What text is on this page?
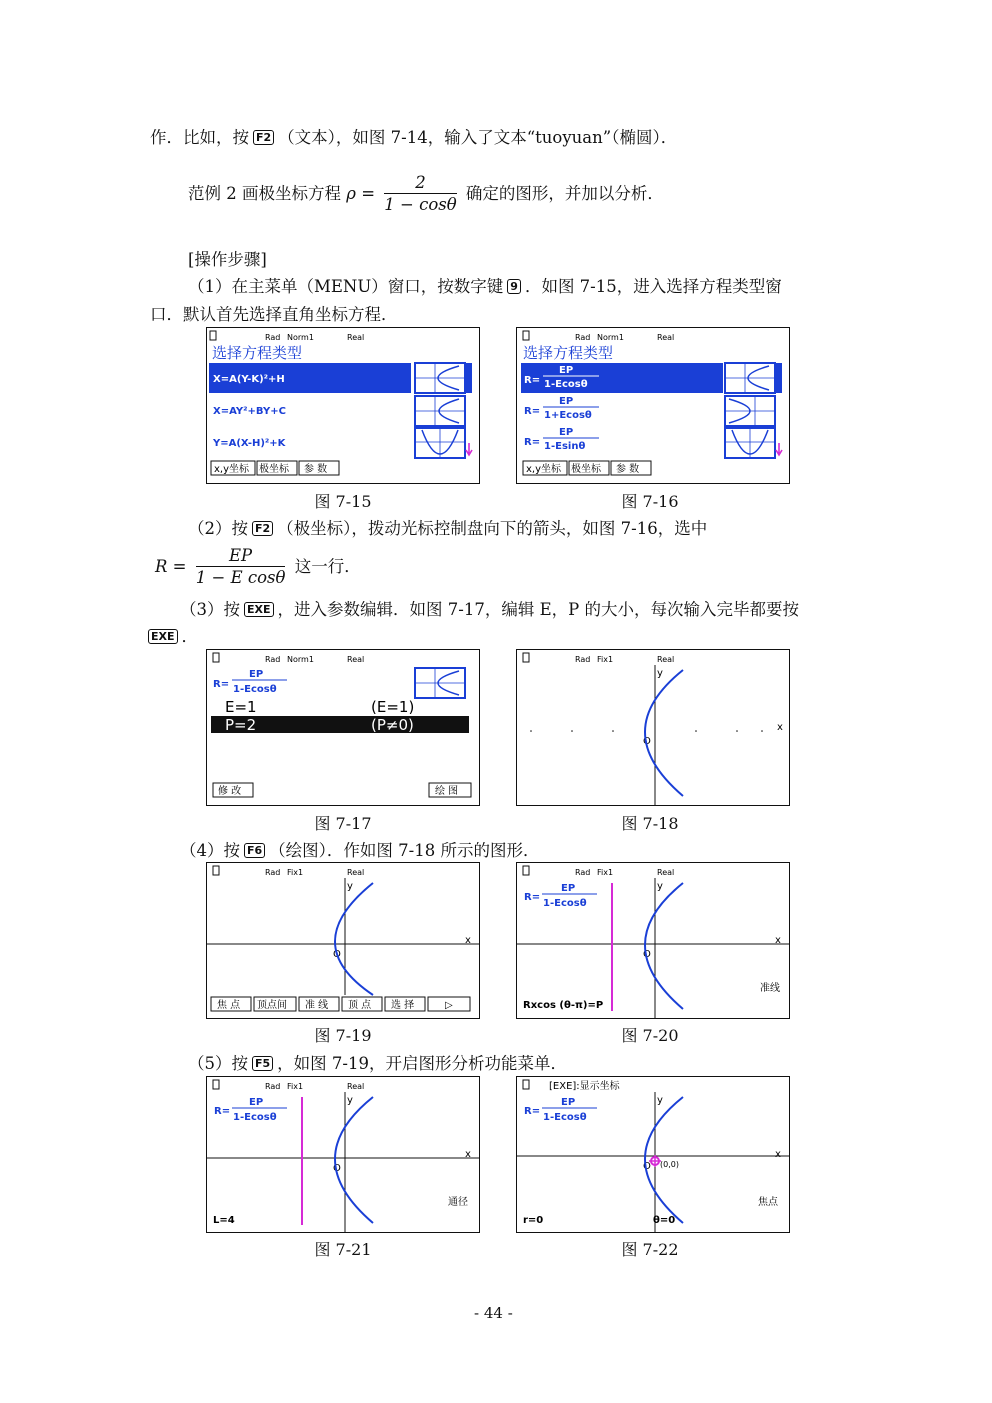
作．比如，按 F2 （文本），如图 7-14，输入了文本“tuoyuan”（椭圆）．
范例 2 画极坐标方程 $\rho = \frac{2}{1 - \cos\theta}$ 确定的图形，并加以分析．
[操作步骤]
（1）在主菜单（MENU）窗口，按数字键 9 ．如图 7-15，进入选择方程类型窗
口．默认首先选择直角坐标方程．
（2）按 F2 （极坐标），拨动光标控制盘向下的箭头，如图 7-16，选中
$R = \frac{EP}{\text{1 − E cosθ}}$ 这一行．
（3）按 EXE ，进入参数编辑．如图 7-17，编辑 E，P 的大小，每次输入完毕都要按
EXE ．
（4）按 F6 （绘图）．作如图 7-18 所示的图形．
（5）按 F5 ，如图 7-19，开启图形分析功能菜单．
图 7-15	图 7-16
图 7-17	图 7-18
图 7-19	图 7-20
图 7-21	图 7-22
Rad Norm1	Real
选择方程类型
X=A(Y-K)²+H
X=AY²+BY+C
Y=A(X-H)²+K
x,y坐标 极坐标 参 数
Rad Norm1	Real
选择方程类型
R=
EP
1-Ecosθ
R=
EP
1+Ecosθ
R=
EP
1-Esinθ
x,y坐标 极坐标 参 数
Rad Norm1	Real
R=
EP
1-Ecosθ
E=1	(E=1)
P=2	(P≠0)
修 改	绘 图
Rad Fix1	Real
y
x
O
Rad Fix1	Real
y
x
O
焦 点 顶点间 准 线 顶 点 选 择	▷
Rad Fix1	Real
R=
EP
1-Ecosθ
y
x
O
Rxcos (θ-π)=P
准线
Rad Fix1	Real
R=
EP
1-Ecosθ
y
x
O
L=4
通径
[EXE]:显示坐标
R=
EP
1-Ecosθ
y
x
O (0,0)
r=0	θ=0
焦点
- 44 -
